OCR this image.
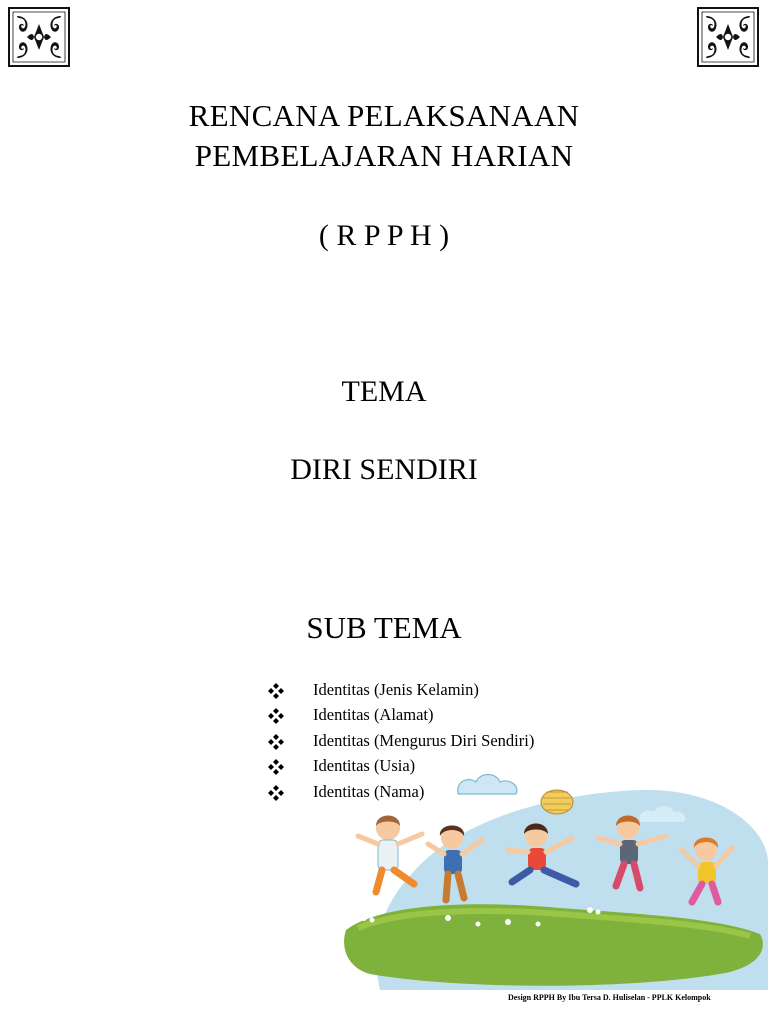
RENCANA PELAKSANAAN
PEMBELAJARAN HARIAN
( R P P H )
TEMA
DIRI SENDIRI
SUB TEMA
Identitas (Jenis Kelamin)
Identitas (Alamat)
Identitas (Mengurus Diri Sendiri)
Identitas (Usia)
Identitas (Nama)
Design RPPH By Ibu Tersa D. Huliselan - PPLK Kelompok
